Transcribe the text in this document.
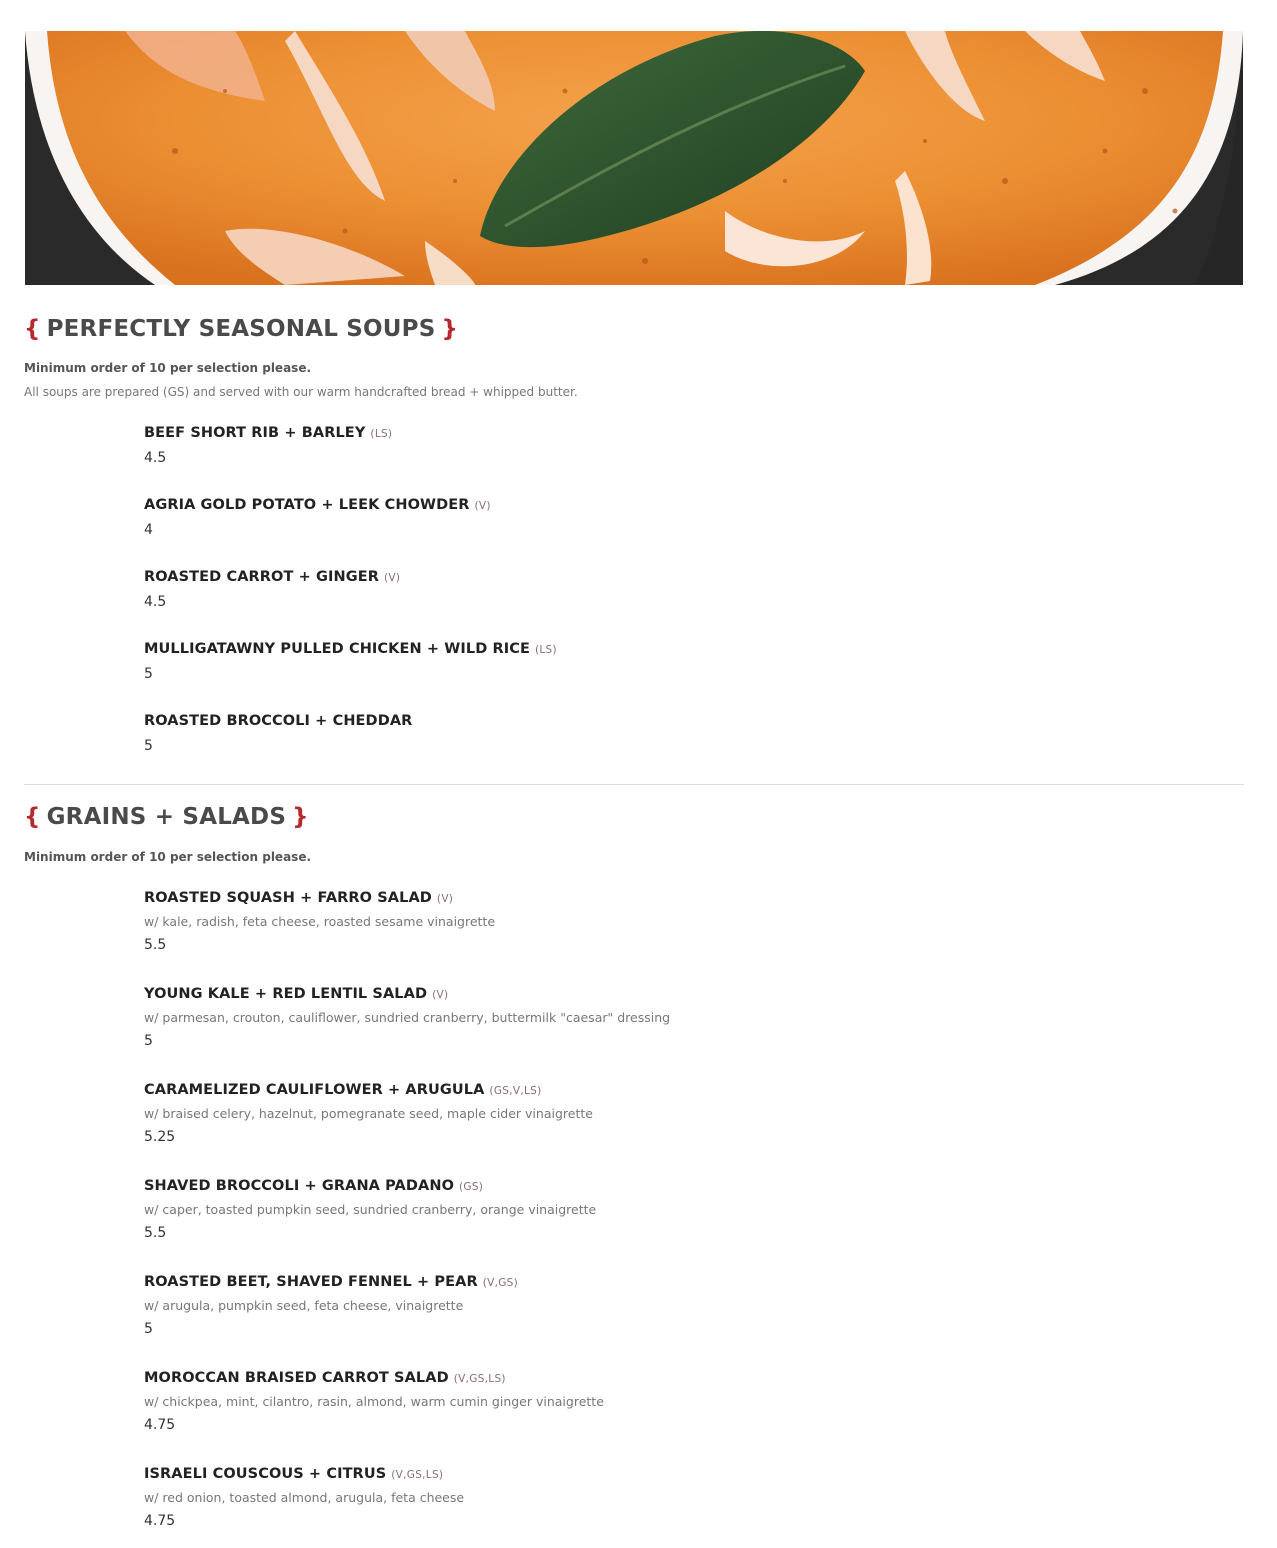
{ PERFECTLY SEASONAL SOUPS }

Minimum order of 10 per selection please.

All soups are prepared (GS) and served with our warm handcrafted bread + whipped butter.

BEEF SHORT RIB + BARLEY (LS)
4.5
AGRIA GOLD POTATO + LEEK CHOWDER (V)
4
ROASTED CARROT + GINGER (V)
4.5
MULLIGATAWNY PULLED CHICKEN + WILD RICE (LS)
5
ROASTED BROCCOLI + CHEDDAR
5
{ GRAINS + SALADS }

Minimum order of 10 per selection please.

ROASTED SQUASH + FARRO SALAD (V)
w/ kale, radish, feta cheese, roasted sesame vinaigrette
5.5
YOUNG KALE + RED LENTIL SALAD (V)
w/ parmesan, crouton, cauliflower, sundried cranberry, buttermilk "caesar" dressing
5
CARAMELIZED CAULIFLOWER + ARUGULA (GS,V,LS)
w/ braised celery, hazelnut, pomegranate seed, maple cider vinaigrette
5.25
SHAVED BROCCOLI + GRANA PADANO (GS)
w/ caper, toasted pumpkin seed, sundried cranberry, orange vinaigrette
5.5
ROASTED BEET, SHAVED FENNEL + PEAR (V,GS)
w/ arugula, pumpkin seed, feta cheese, vinaigrette
5
MOROCCAN BRAISED CARROT SALAD (V,GS,LS)
w/ chickpea, mint, cilantro, rasin, almond, warm cumin ginger vinaigrette
4.75
ISRAELI COUSCOUS + CITRUS (V,GS,LS)
w/ red onion, toasted almond, arugula, feta cheese
4.75
